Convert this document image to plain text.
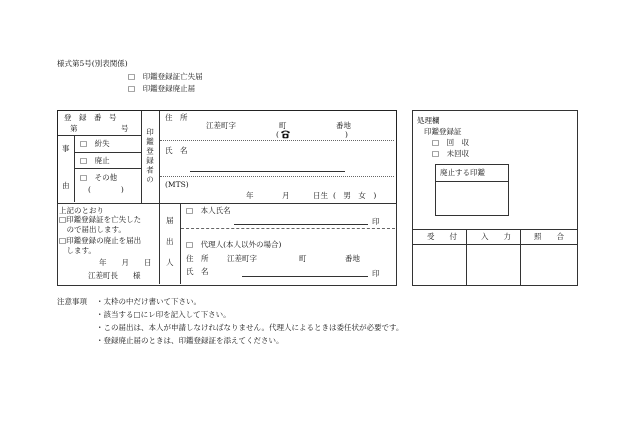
様式第5号(別表関係)
□　印鑑登録証亡失届
□　印鑑登録廃止届
登　録　番　号
第	号
事
由
□　紛失
□　廃止
□　その他
(　　　　)
印鑑登録者の
住　所
江差町字	町	番地
(	)
氏　名
(MTS)
年	月	日生 (　男　女　)
上記のとおり
□印鑑登録証を亡失した
　ので届出します。
□印鑑登録の廃止を届出
　します。
年　　月　　日
江差町長　　様
届
出
人
□　本人氏名
印
□　代理人(本人以外の場合)
住　所 江差町字	町	番地
氏　名	印
処理欄
印鑑登録証
□　回　収
□　未回収
廃止する印鑑
受　　付	入　　力	照　　合
注意事項 ・太枠の中だけ書いて下さい。
・該当する□にレ印を記入して下さい。
・この届出は、本人が申請しなければなりません。代理人によるときは委任状が必要です。
・登録廃止届のときは、印鑑登録証を添えてください。
